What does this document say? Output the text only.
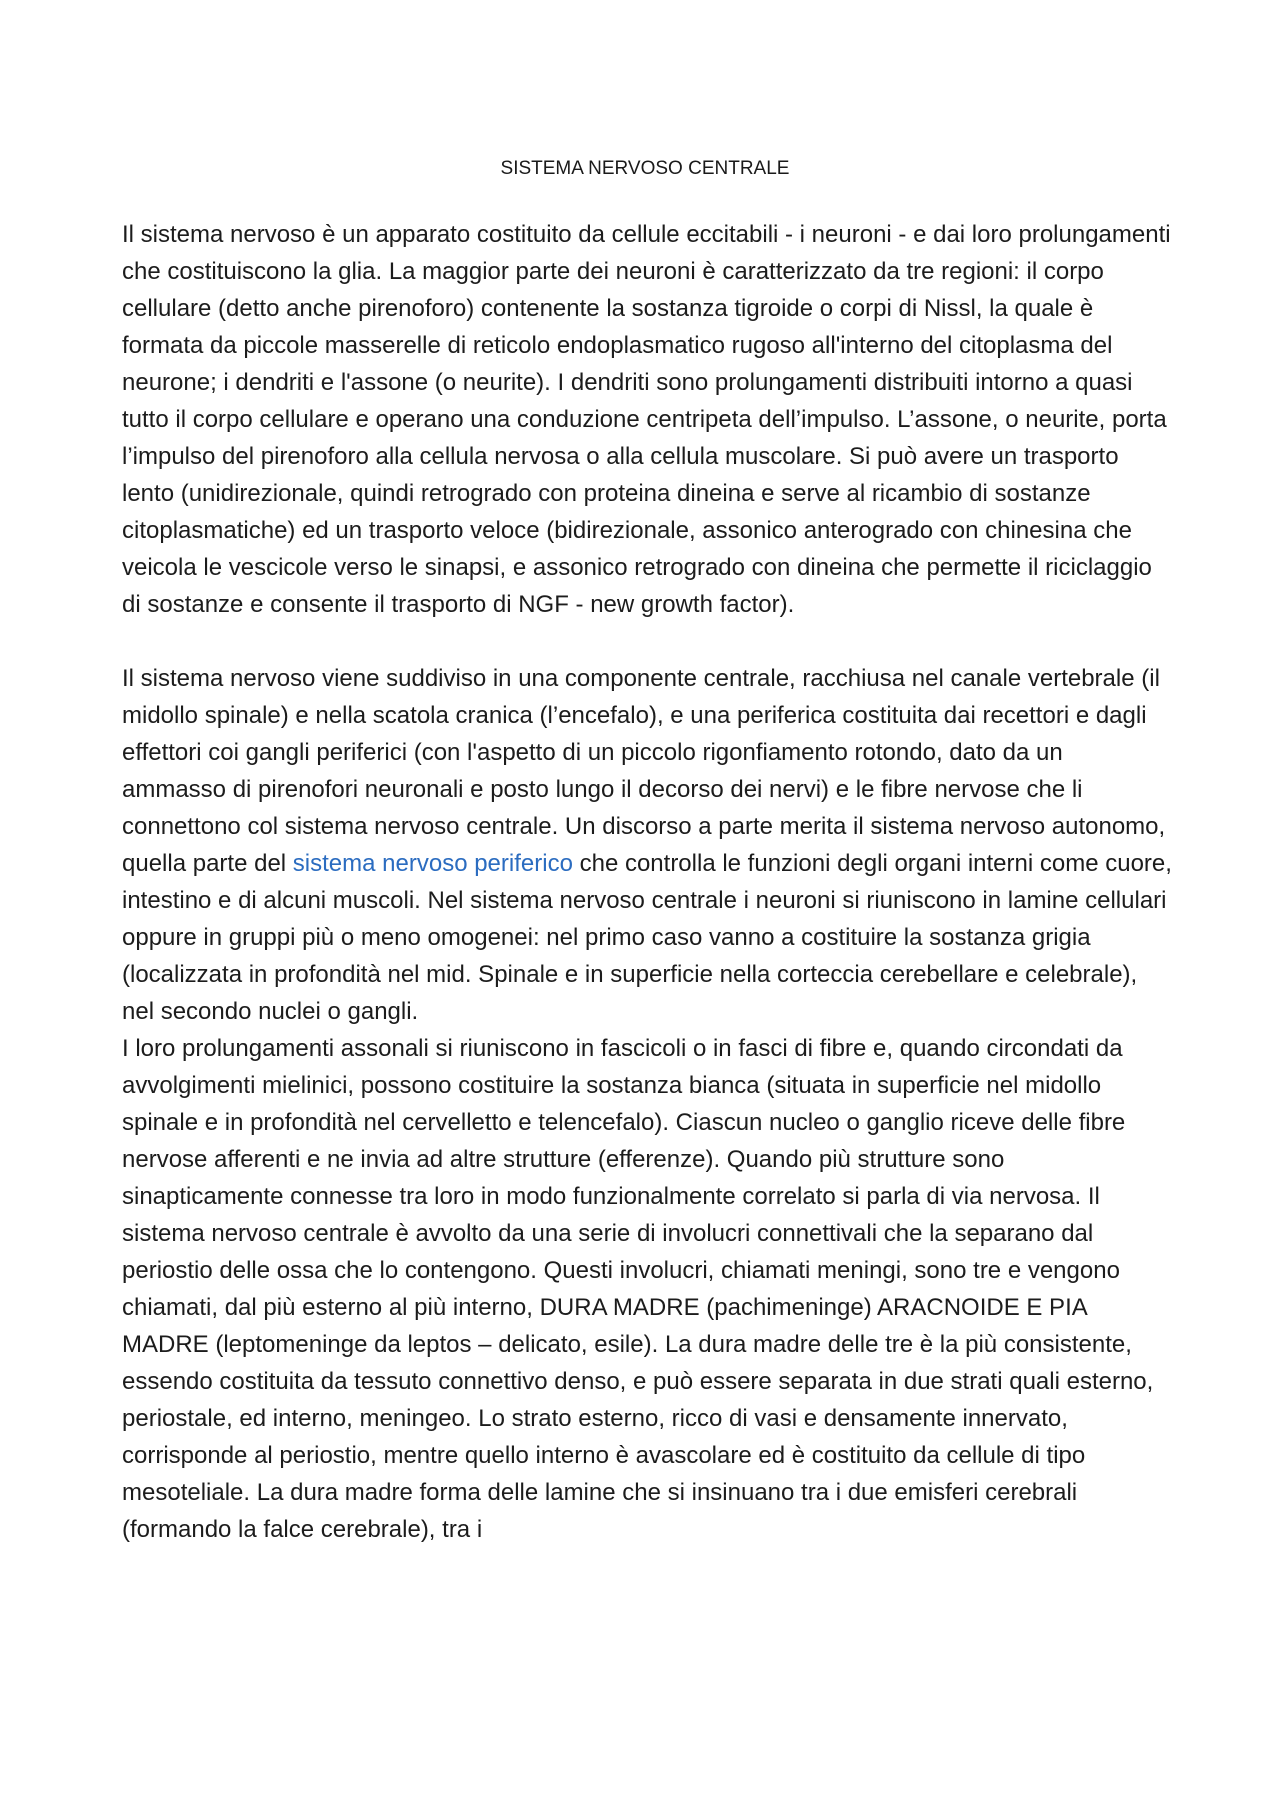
SISTEMA NERVOSO CENTRALE

Il sistema nervoso è un apparato costituito da cellule eccitabili - i neuroni - e dai loro prolungamenti che costituiscono la glia. La maggior parte dei neuroni è caratterizzato da tre regioni: il corpo cellulare (detto anche pirenoforo) contenente la sostanza tigroide o corpi di Nissl, la quale è formata da piccole masserelle di reticolo endoplasmatico rugoso all'interno del citoplasma del neurone; i dendriti e l'assone (o neurite). I dendriti sono prolungamenti distribuiti intorno a quasi tutto il corpo cellulare e operano una conduzione centripeta dell’impulso. L’assone, o neurite, porta l’impulso del pirenoforo alla cellula nervosa o alla cellula muscolare. Si può avere un trasporto lento (unidirezionale, quindi retrogrado con proteina dineina e serve al ricambio di sostanze citoplasmatiche) ed un trasporto veloce (bidirezionale, assonico anterogrado con chinesina che veicola le vescicole verso le sinapsi, e assonico retrogrado con dineina che permette il riciclaggio di sostanze e consente il trasporto di NGF - new growth factor).

Il sistema nervoso viene suddiviso in una componente centrale, racchiusa nel canale vertebrale (il midollo spinale) e nella scatola cranica (l’encefalo), e una periferica costituita dai recettori e dagli effettori coi gangli periferici (con l'aspetto di un piccolo rigonfiamento rotondo, dato da un ammasso di pirenofori neuronali e posto lungo il decorso dei nervi) e le fibre nervose che li connettono col sistema nervoso centrale. Un discorso a parte merita il sistema nervoso autonomo, quella parte del sistema nervoso periferico che controlla le funzioni degli organi interni come cuore, intestino e di alcuni muscoli. Nel sistema nervoso centrale i neuroni si riuniscono in lamine cellulari oppure in gruppi più o meno omogenei: nel primo caso vanno a costituire la sostanza grigia (localizzata in profondità nel mid. Spinale e in superficie nella corteccia cerebellare e celebrale), nel secondo nuclei o gangli.

I loro prolungamenti assonali si riuniscono in fascicoli o in fasci di fibre e, quando circondati da avvolgimenti mielinici, possono costituire la sostanza bianca (situata in superficie nel midollo spinale e in profondità nel cervelletto e telencefalo). Ciascun nucleo o ganglio riceve delle fibre nervose afferenti e ne invia ad altre strutture (efferenze). Quando più strutture sono sinapticamente connesse tra loro in modo funzionalmente correlato si parla di via nervosa. Il sistema nervoso centrale è avvolto da una serie di involucri connettivali che la separano dal periostio delle ossa che lo contengono. Questi involucri, chiamati meningi, sono tre e vengono chiamati, dal più esterno al più interno, DURA MADRE (pachimeninge) ARACNOIDE E PIA MADRE (leptomeninge da leptos – delicato, esile). La dura madre delle tre è la più consistente, essendo costituita da tessuto connettivo denso, e può essere separata in due strati quali esterno, periostale, ed interno, meningeo. Lo strato esterno, ricco di vasi e densamente innervato, corrisponde al periostio, mentre quello interno è avascolare ed è costituito da cellule di tipo mesoteliale. La dura madre forma delle lamine che si insinuano tra i due emisferi cerebrali (formando la falce cerebrale), tra i
